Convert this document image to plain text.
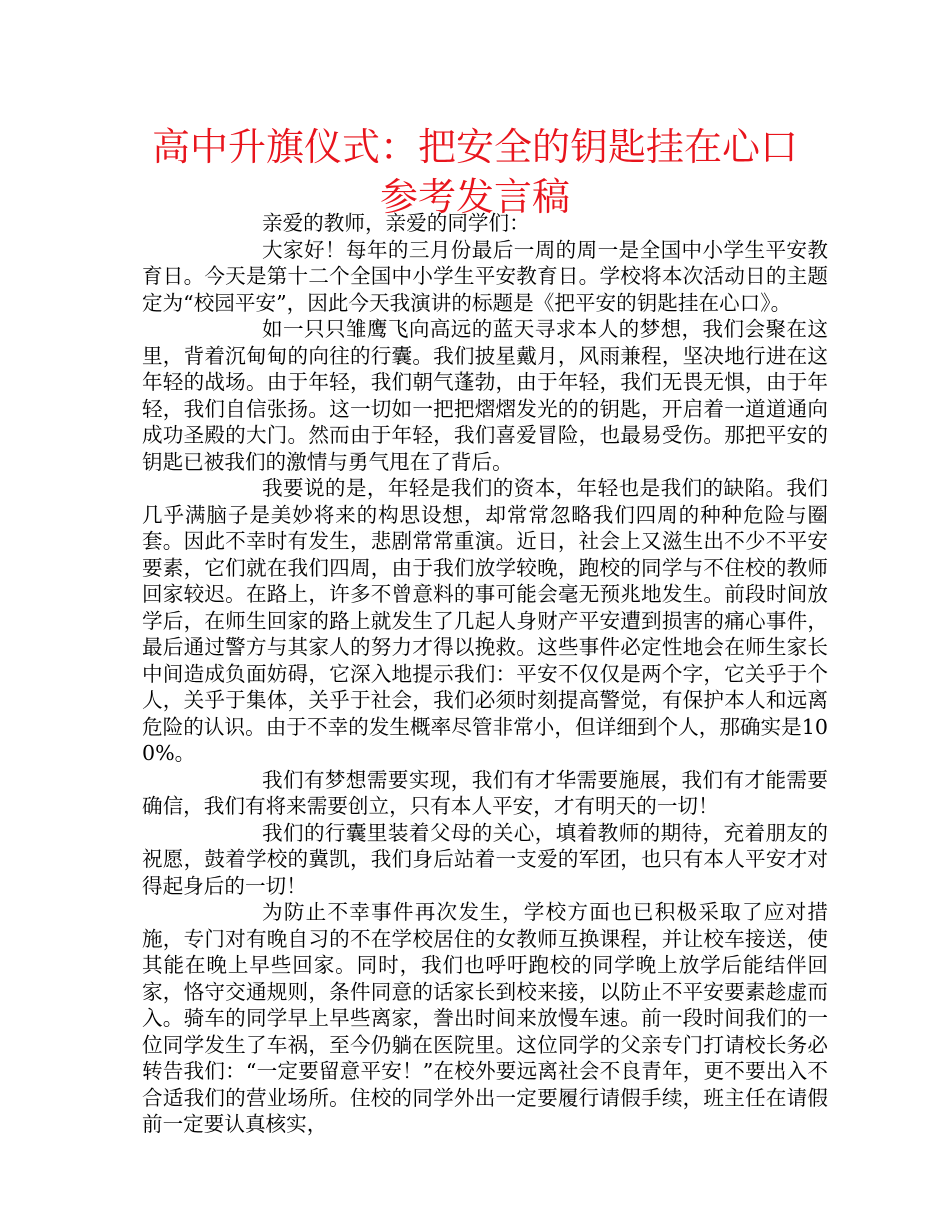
高中升旗仪式：把安全的钥匙挂在心口参考发言稿

亲爱的教师，亲爱的同学们：

大家好！每年的三月份最后一周的周一是全国中小学生平安教育日。今天是第十二个全国中小学生平安教育日。学校将本次活动日的主题定为“校园平安”，因此今天我演讲的标题是《把平安的钥匙挂在心口》。

如一只只雏鹰飞向高远的蓝天寻求本人的梦想，我们会聚在这里，背着沉甸甸的向往的行囊。我们披星戴月，风雨兼程，坚决地行进在这年轻的战场。由于年轻，我们朝气蓬勃，由于年轻，我们无畏无惧，由于年轻，我们自信张扬。这一切如一把把熠熠发光的的钥匙，开启着一道道通向成功圣殿的大门。然而由于年轻，我们喜爱冒险，也最易受伤。那把平安的钥匙已被我们的激情与勇气甩在了背后。

我要说的是，年轻是我们的资本，年轻也是我们的缺陷。我们几乎满脑子是美妙将来的构思设想，却常常忽略我们四周的种种危险与圈套。因此不幸时有发生，悲剧常常重演。近日，社会上又滋生出不少不平安要素，它们就在我们四周，由于我们放学较晚，跑校的同学与不住校的教师回家较迟。在路上，许多不曾意料的事可能会毫无预兆地发生。前段时间放学后，在师生回家的路上就发生了几起人身财产平安遭到损害的痛心事件，最后通过警方与其家人的努力才得以挽救。这些事件必定性地会在师生家长中间造成负面妨碍，它深入地提示我们：平安不仅仅是两个字，它关乎于个人，关乎于集体，关乎于社会，我们必须时刻提高警觉，有保护本人和远离危险的认识。由于不幸的发生概率尽管非常小，但详细到个人，那确实是100%。

我们有梦想需要实现，我们有才华需要施展，我们有才能需要确信，我们有将来需要创立，只有本人平安，才有明天的一切！

我们的行囊里装着父母的关心，填着教师的期待，充着朋友的祝愿，鼓着学校的冀凯，我们身后站着一支爱的军团，也只有本人平安才对得起身后的一切！

为防止不幸事件再次发生，学校方面也已积极采取了应对措施，专门对有晚自习的不在学校居住的女教师互换课程，并让校车接送，使其能在晚上早些回家。同时，我们也呼吁跑校的同学晚上放学后能结伴回家，恪守交通规则，条件同意的话家长到校来接，以防止不平安要素趁虚而入。骑车的同学早上早些离家，誊出时间来放慢车速。前一段时间我们的一位同学发生了车祸，至今仍躺在医院里。这位同学的父亲专门打请校长务必转告我们：“一定要留意平安！”在校外要远离社会不良青年，更不要出入不合适我们的营业场所。住校的同学外出一定要履行请假手续，班主任在请假前一定要认真核实，
